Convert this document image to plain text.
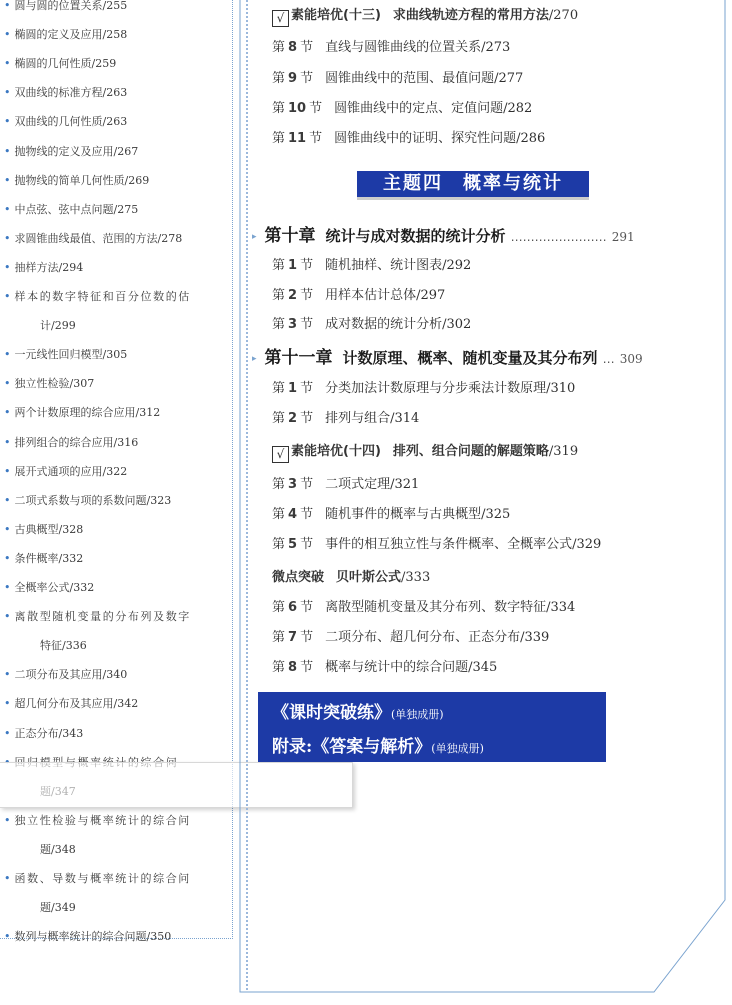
• 圆与圆的位置关系/255
• 椭圆的定义及应用/258
• 椭圆的几何性质/259
• 双曲线的标准方程/263
• 双曲线的几何性质/263
• 抛物线的定义及应用/267
• 抛物线的简单几何性质/269
• 中点弦、弦中点问题/275
• 求圆锥曲线最值、范围的方法/278
• 抽样方法/294
• 样本的数字特征和百分位数的估
计/299
• 一元线性回归模型/305
• 独立性检验/307
• 两个计数原理的综合应用/312
• 排列组合的综合应用/316
• 展开式通项的应用/322
• 二项式系数与项的系数问题/323
• 古典概型/328
• 条件概率/332
• 全概率公式/332
• 离散型随机变量的分布列及数字
特征/336
• 二项分布及其应用/340
• 超几何分布及其应用/342
• 正态分布/343
• 独立性检验与概率统计的综合问
题/348
• 函数、导数与概率统计的综合问
题/349
• 数列与概率统计的综合问题/350
√ 素能培优(十三) 求曲线轨迹方程的常用方法/270
第 8 节 直线与圆锥曲线的位置关系/273
第 9 节 圆锥曲线中的范围、最值问题/277
第 10 节 圆锥曲线中的定点、定值问题/282
第 11 节 圆锥曲线中的证明、探究性问题/286
主题四　概率与统计
▸ 第十章 统计与成对数据的统计分析 …………………… 291
第 1 节 随机抽样、统计图表/292
第 2 节 用样本估计总体/297
第 3 节 成对数据的统计分析/302
▸ 第十一章 计数原理、概率、随机变量及其分布列 … 309
第 1 节 分类加法计数原理与分步乘法计数原理/310
第 2 节 排列与组合/314
√ 素能培优(十四) 排列、组合问题的解题策略/319
第 3 节 二项式定理/321
第 4 节 随机事件的概率与古典概型/325
第 5 节 事件的相互独立性与条件概率、全概率公式/329
微点突破 贝叶斯公式/333
第 6 节 离散型随机变量及其分布列、数字特征/334
第 7 节 二项分布、超几何分布、正态分布/339
第 8 节 概率与统计中的综合问题/345
《课时突破练》(单独成册)
附录:《答案与解析》(单独成册)
